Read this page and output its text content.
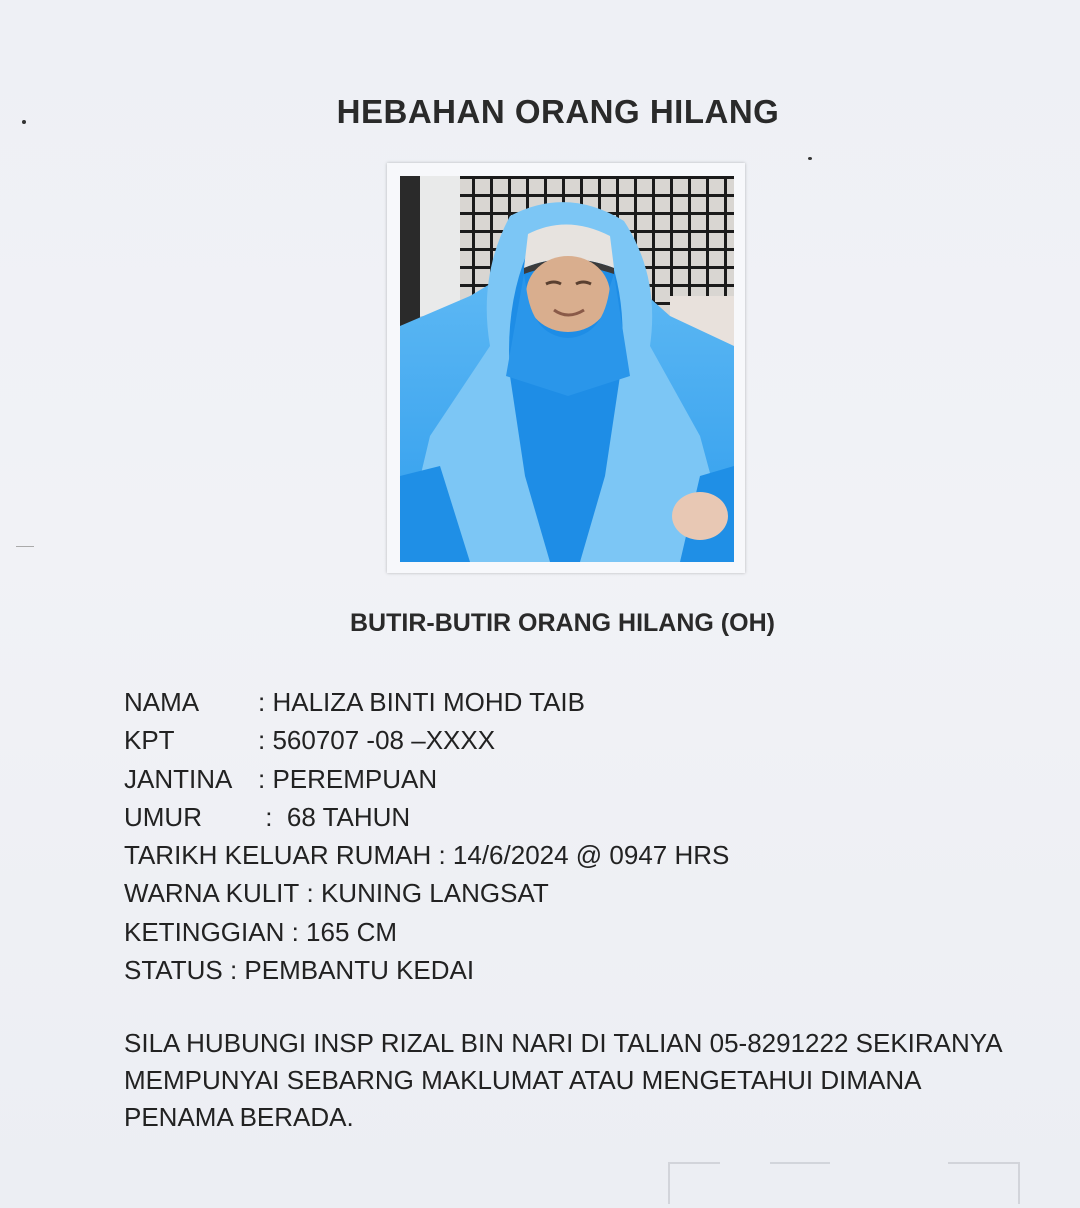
HEBAHAN ORANG HILANG
BUTIR-BUTIR ORANG HILANG (OH)
NAMA : HALIZA BINTI MOHD TAIB
KPT	: 560707 -08 –XXXX
JANTINA : PEREMPUAN
UMUR :  68 TAHUN
TARIKH KELUAR RUMAH : 14/6/2024 @ 0947 HRS
WARNA KULIT : KUNING LANGSAT
KETINGGIAN : 165 CM
STATUS : PEMBANTU KEDAI
SILA HUBUNGI INSP RIZAL BIN NARI DI TALIAN 05-8291222 SEKIRANYA
MEMPUNYAI SEBARNG MAKLUMAT ATAU MENGETAHUI DIMANA
PENAMA BERADA.
